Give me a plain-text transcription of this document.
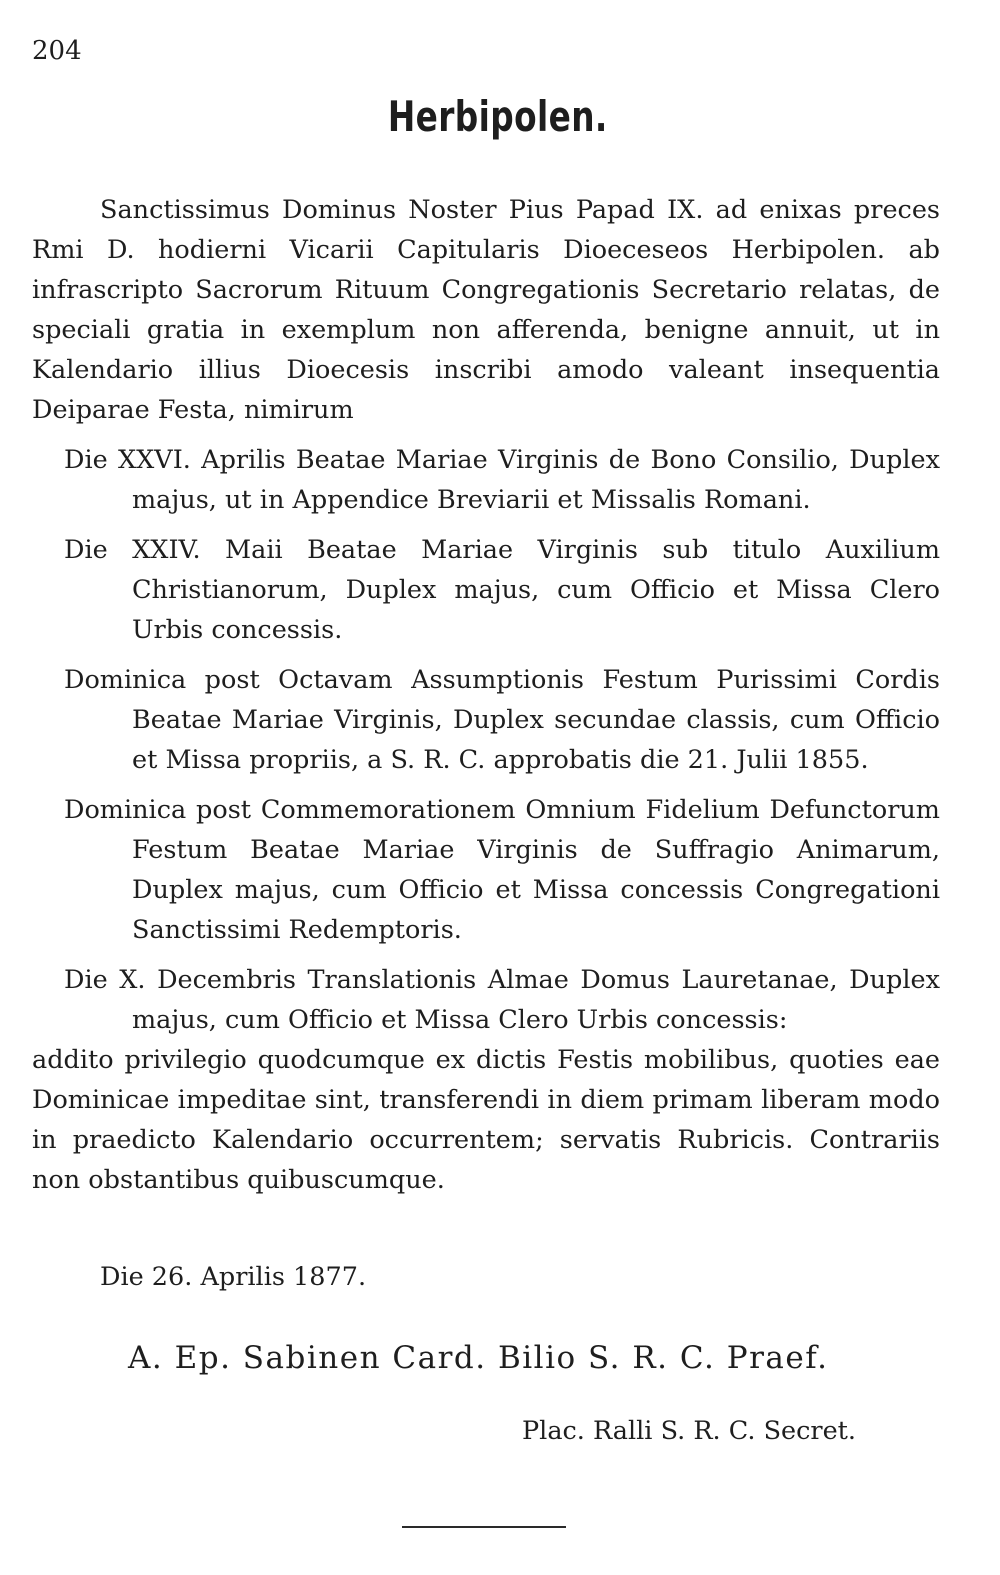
204
Herbipolen.

Sanctissimus Dominus Noster Pius Papad IX. ad enixas preces Rmi D. hodierni Vicarii Capitularis Dioeceseos Herbipolen. ab infrascripto Sacrorum Rituum Congregationis Secretario relatas, de speciali gratia in exemplum non afferenda, benigne annuit, ut in Kalendario illius Dioecesis inscribi amodo valeant insequentia Deiparae Festa, nimirum

Die XXVI. Aprilis Beatae Mariae Virginis de Bono Consilio, Duplex majus, ut in Appendice Breviarii et Missalis Romani.

Die XXIV. Maii Beatae Mariae Virginis sub titulo Auxilium Christianorum, Duplex majus, cum Officio et Missa Clero Urbis concessis.

Dominica post Octavam Assumptionis Festum Purissimi Cordis Beatae Mariae Virginis, Duplex secundae classis, cum Officio et Missa propriis, a S. R. C. approbatis die 21. Julii 1855.

Dominica post Commemorationem Omnium Fidelium Defunctorum Festum Beatae Mariae Virginis de Suffragio Animarum, Duplex majus, cum Officio et Missa concessis Congregationi Sanctissimi Redemptoris.

Die X. Decembris Translationis Almae Domus Lauretanae, Duplex majus, cum Officio et Missa Clero Urbis concessis:

addito privilegio quodcumque ex dictis Festis mobilibus, quoties eae Dominicae impeditae sint, transferendi in diem primam liberam modo in praedicto Kalendario occurrentem; servatis Rubricis. Contrariis non obstantibus quibuscumque.

Die 26. Aprilis 1877.
A. Ep. Sabinen Card. Bilio S. R. C. Praef.
Plac. Ralli S. R. C. Secret.
